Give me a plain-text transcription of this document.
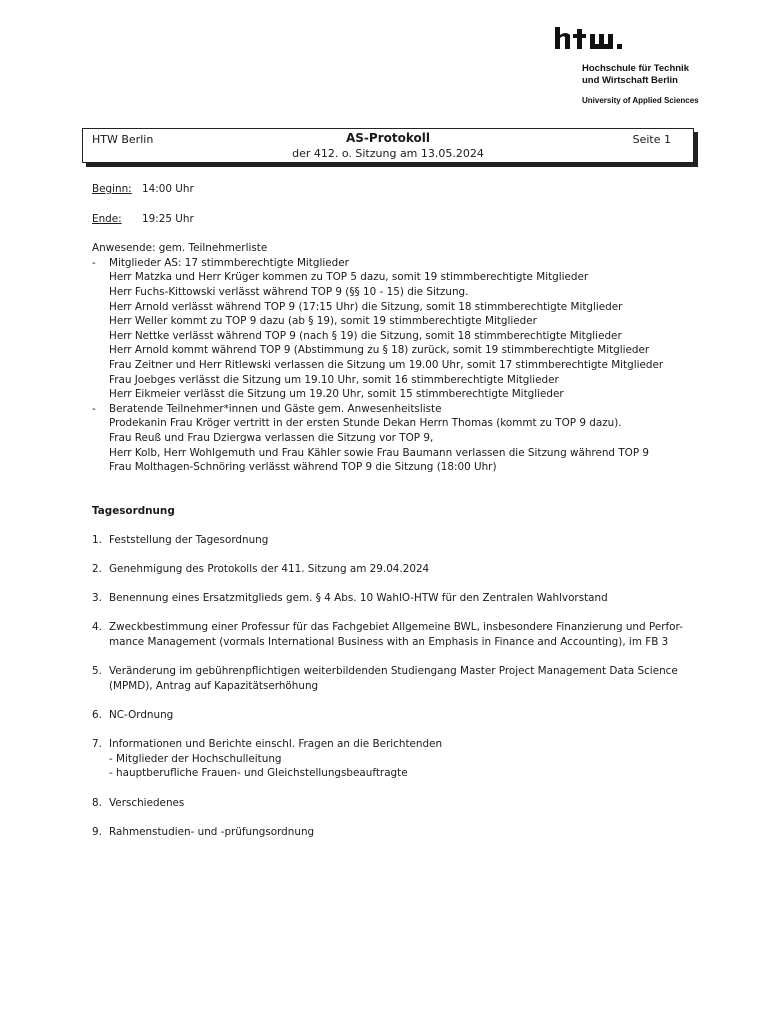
Hochschule für Technik
und Wirtschaft Berlin
University of Applied Sciences
HTW Berlin	AS-Protokoll
der 412. o. Sitzung am 13.05.2024
Seite 1
Beginn: 14:00 Uhr
Ende: 19:25 Uhr
Anwesende: gem. Teilnehmerliste
- Mitglieder AS: 17 stimmberechtigte Mitglieder
Herr Matzka und Herr Krüger kommen zu TOP 5 dazu, somit 19 stimmberechtigte Mitglieder
Herr Fuchs-Kittowski verlässt während TOP 9 (§§ 10 - 15) die Sitzung.
Herr Arnold verlässt während TOP 9 (17:15 Uhr) die Sitzung, somit 18 stimmberechtigte Mitglieder
Herr Weller kommt zu TOP 9 dazu (ab § 19), somit 19 stimmberechtigte Mitglieder
Herr Nettke verlässt während TOP 9 (nach § 19) die Sitzung, somit 18 stimmberechtigte Mitglieder
Herr Arnold kommt während TOP 9 (Abstimmung zu § 18) zurück, somit 19 stimmberechtigte Mitglieder
Frau Zeitner und Herr Ritlewski verlassen die Sitzung um 19.00 Uhr, somit 17 stimmberechtigte Mitglieder
Frau Joebges verlässt die Sitzung um 19.10 Uhr, somit 16 stimmberechtigte Mitglieder
Herr Eikmeier verlässt die Sitzung um 19.20 Uhr, somit 15 stimmberechtigte Mitglieder
- Beratende Teilnehmer*innen und Gäste gem. Anwesenheitsliste
Prodekanin Frau Kröger vertritt in der ersten Stunde Dekan Herrn Thomas (kommt zu TOP 9 dazu).
Frau Reuß und Frau Dziergwa verlassen die Sitzung vor TOP 9,
Herr Kolb, Herr Wohlgemuth und Frau Kähler sowie Frau Baumann verlassen die Sitzung während TOP 9
Frau Molthagen-Schnöring verlässt während TOP 9 die Sitzung (18:00 Uhr)
Tagesordnung
1. Feststellung der Tagesordnung
2. Genehmigung des Protokolls der 411. Sitzung am 29.04.2024
3. Benennung eines Ersatzmitglieds gem. § 4 Abs. 10 WahlO-HTW für den Zentralen Wahlvorstand
4. Zweckbestimmung einer Professur für das Fachgebiet Allgemeine BWL, insbesondere Finanzierung und Perfor-
mance Management (vormals International Business with an Emphasis in Finance and Accounting), im FB 3
5. Veränderung im gebührenpflichtigen weiterbildenden Studiengang Master Project Management Data Science
(MPMD), Antrag auf Kapazitätserhöhung
6. NC-Ordnung
7. Informationen und Berichte einschl. Fragen an die Berichtenden
- Mitglieder der Hochschulleitung
- hauptberufliche Frauen- und Gleichstellungsbeauftragte
8. Verschiedenes
9. Rahmenstudien- und -prüfungsordnung
